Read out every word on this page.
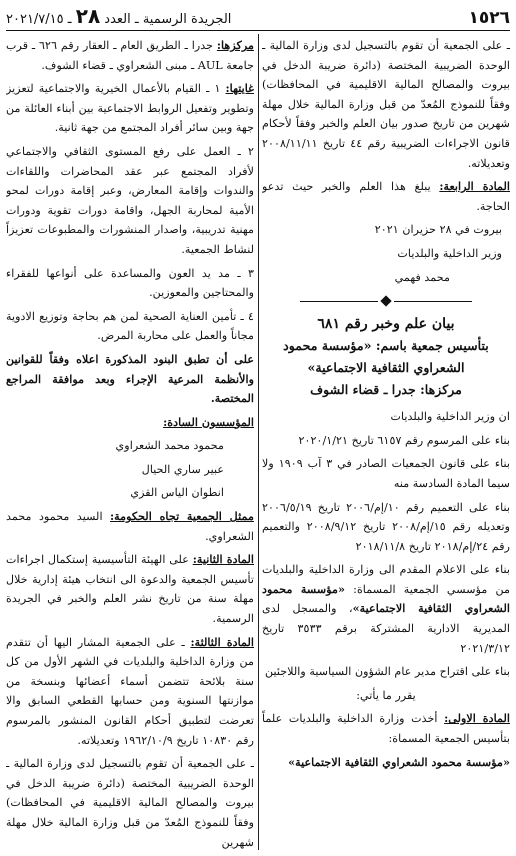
١٥٢٦
الجريدة الرسمية ـ العدد ٢٨ ـ ٢٠٢١/٧/١٥

ـ على الجمعية أن تقوم بالتسجيل لدى وزارة المالية ـ الوحدة الضريبية المختصة (دائرة ضريبة الدخل في بيروت والمصالح المالية الاقليمية في المحافظات) وفقاً للنموذج المُعدّ من قبل وزارة المالية خلال مهلة شهرين من تاريخ صدور بيان العلم والخبر وفقاً لأحكام قانون الاجراءات الضريبية رقم ٤٤ تاريخ ٢٠٠٨/١١/١١ وتعديلاته.

المادة الرابعة: يبلغ هذا العلم والخبر حيث تدعو الحاجة.

بيروت في ٢٨ حزيران ٢٠٢١

وزير الداخلية والبلديات

محمد فهمي

بيان علم وخبر رقم ٦٨١
بتأسيس جمعية باسم: «مؤسسة محمود الشعراوي الثقافية الاجتماعية»
مركزها: جدرا ـ قضاء الشوف

ان وزير الداخلية والبلديات

بناء على المرسوم رقم ٦١٥٧ تاريخ ٢٠٢٠/١/٢١

بناء على قانون الجمعيات الصادر في ٣ آب ١٩٠٩ ولا سيما المادة السادسة منه

بناء على التعميم رقم ١٠/إم/٢٠٠٦ تاريخ ٢٠٠٦/٥/١٩ وتعديله رقم ١٥/إم/٢٠٠٨ تاريخ ٢٠٠٨/٩/١٢ والتعميم رقم ٢٤/إم/٢٠١٨ تاريخ ٢٠١٨/١١/٨

بناء على الاعلام المقدم الى وزارة الداخلية والبلديات من مؤسسي الجمعية المسماة: «مؤسسة محمود الشعراوي الثقافية الاجتماعية»، والمسجل لدى المديرية الادارية المشتركة برقم ٣٥٣٣ تاريخ ٢٠٢١/٣/١٢

بناء على اقتراح مدير عام الشؤون السياسية واللاجئين

يقرر ما يأتي:

المادة الاولى: أخذت وزارة الداخلية والبلديات علماً بتأسيس الجمعية المسماة:

«مؤسسة محمود الشعراوي الثقافية الاجتماعية»

مركزها: جدرا ـ الطريق العام ـ العقار رقم ٦٢٦ ـ قرب جامعة AUL ـ مبنى الشعراوي ـ قضاء الشوف.

غايتها: ١ ـ القيام بالأعمال الخيرية والاجتماعية لتعزيز وتطوير وتفعيل الروابط الاجتماعية بين أبناء العائلة من جهة وبين سائر أفراد المجتمع من جهة ثانية.

٢ ـ العمل على رفع المستوى الثقافي والاجتماعي لأفراد المجتمع عبر عقد المحاضرات واللقاءات والندوات وإقامة المعارض، وعبر إقامة دورات لمحو الأمية لمحاربة الجهل، واقامة دورات تقوية ودورات مهنية تدريبية، واصدار المنشورات والمطبوعات تعزيزاً لنشاط الجمعية.

٣ ـ مد يد العون والمساعدة على أنواعها للفقراء والمحتاجين والمعوزين.

٤ ـ تأمين العناية الصحية لمن هم بحاجة وتوزيع الادوية مجاناً والعمل على محاربة المرض.

على أن تطبق البنود المذكورة اعلاه وفقاً للقوانين والأنظمة المرعية الإجراء وبعد موافقة المراجع المختصة.

المؤسسون السادة:

محمود محمد الشعراوي

عبير ساري الحيال

انطوان الياس القزي

ممثل الجمعية تجاه الحكومة: السيد محمود محمد الشعراوي.

المادة الثانية: على الهيئة التأسيسية إستكمال اجراءات تأسيس الجمعية والدعوة الى انتخاب هيئة إدارية خلال مهلة سنة من تاريخ نشر العلم والخبر في الجريدة الرسمية.

المادة الثالثة: ـ على الجمعية المشار اليها أن تتقدم من وزارة الداخلية والبلديات في الشهر الأول من كل سنة بلائحة تتضمن أسماء أعضائها وبنسخة من موازنتها السنوية ومن حسابها القطعي السابق والا تعرضت لتطبيق أحكام القانون المنشور بالمرسوم رقم ١٠٨٣٠ تاريخ ١٩٦٢/١٠/٩ وتعديلاته.

ـ على الجمعية أن تقوم بالتسجيل لدى وزارة المالية ـ الوحدة الضريبية المختصة (دائرة ضريبة الدخل في بيروت والمصالح المالية الاقليمية في المحافظات) وفقاً للنموذج المُعدّ من قبل وزارة المالية خلال مهلة شهرين
